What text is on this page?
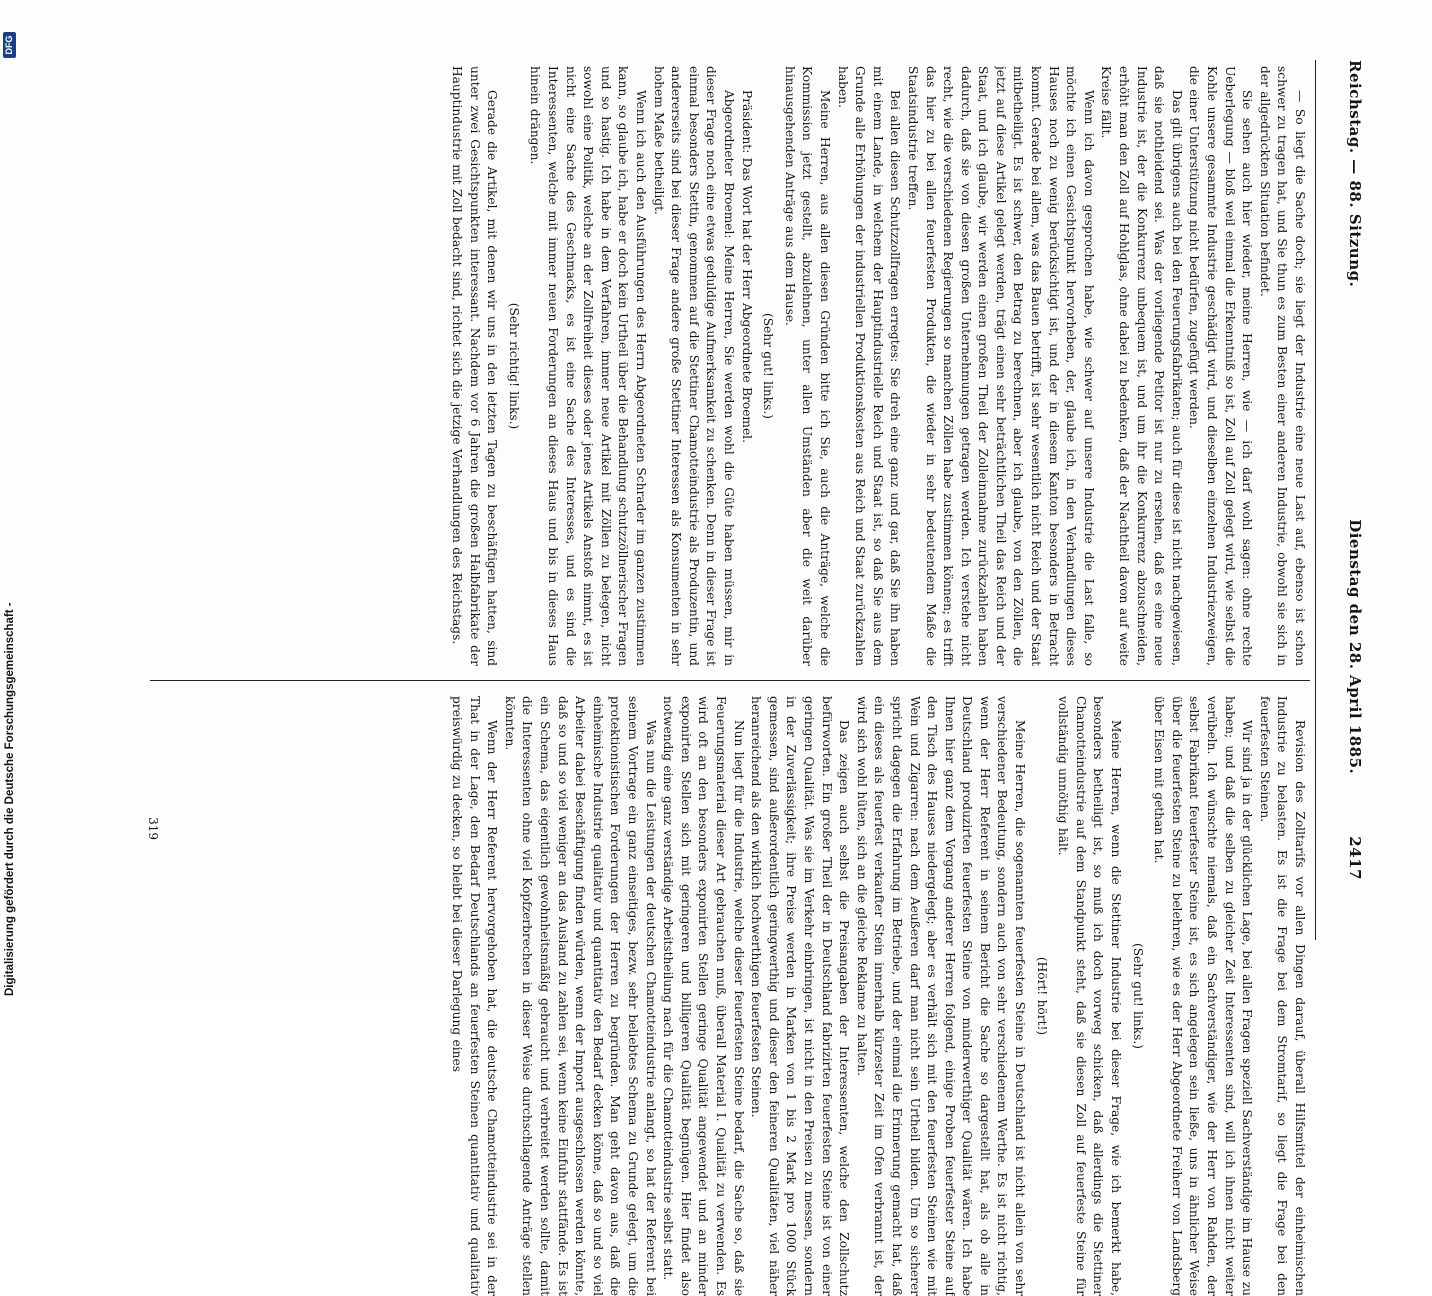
Reichstag. — 88. Sitzung.
Dienstag den 28. April 1885.
2417

— So liegt die Sache doch; sie liegt der Industrie eine neue Last auf, ebenso ist schon schwer zu tragen hat, und Sie thun es zum Besten einer anderen Industrie, obwohl sie sich in der allgedrückten Situation befindet.

Sie sehen auch hier wieder, meine Herren, wie — ich darf wohl sagen: ohne rechte Ueberlegung — bloß weil einmal die Erkenntniß so ist, Zoll auf Zoll gelegt wird, wie selbst die Kohle unsere gesammte Industrie geschädigt wird, und dieselben einzelnen Industriezweigen, die einer Unterstützung nicht bedürfen, zugefügt werden.

Das gilt übrigens auch bei den Feuerungsfabrikaten; auch für diese ist nicht nachgewiesen, daß sie nothleidend sei. Was der vorliegende Petitor ist nur zu ersehen, daß es eine neue Industrie ist, der die Konkurrenz unbequem ist, und um ihr die Konkurrenz abzuschneiden, erhöht man den Zoll auf Hohlglas, ohne dabei zu bedenken, daß der Nachtheil davon auf weite Kreise fällt.

Wenn ich davon gesprochen habe, wie schwer auf unsere Industrie die Last falle, so möchte ich einen Gesichtspunkt hervorheben, der, glaube ich, in den Verhandlungen dieses Hauses noch zu wenig berücksichtigt ist, und der in diesem Kanton besonders in Betracht kommt. Gerade bei allem, was das Bauen betrifft, ist sehr wesentlich nicht Reich und der Staat mitbetheiligt. Es ist schwer, den Betrag zu berechnen, aber ich glaube, von den Zöllen, die jetzt auf diese Artikel gelegt werden, trägt einen sehr beträchtlichen Theil das Reich und der Staat, und ich glaube, wir werden einen großen Theil der Zolleinnahme zurückzahlen haben dadurch, daß sie von diesen großen Unternehmungen getragen werden. Ich verstehe nicht recht, wie die verschiedenen Regierungen so manchen Zöllen habe zustimmen können; es trifft das hier zu bei allen feuerfesten Produkten, die wieder in sehr bedeutendem Maße die Staatsindustrie treffen.

Bei allen diesen Schutzzollfragen erregtes: Sie dreh eine ganz und gar, daß Sie ihn haben mit einem Lande, in welchem der Hauptindustrielle Reich und Staat ist, so daß Sie aus dem Grunde alle Erhöhungen der industriellen Produktionskosten aus Reich und Staat zurückzahlen haben.

Meine Herren, aus allen diesen Gründen bitte ich Sie, auch die Anträge, welche die Kommission jetzt gestellt, abzulehnen, unter allen Umständen aber die weit darüber hinausgehenden Anträge aus dem Hause.

(Sehr gut! links.)

Präsident: Das Wort hat der Herr Abgeordnete Broemel.

Abgeordneter Broemel: Meine Herren, Sie werden wohl die Güte haben müssen, mir in dieser Frage noch eine etwas geduldige Aufmerksamkeit zu schenken. Denn in dieser Frage ist einmal besonders Stettin, genommen auf die Stettiner Chamotteindustrie als Produzentin, und andererseits sind bei dieser Frage andere große Stettiner Interessen als Konsumenten in sehr hohem Maße betheiligt.

Wenn ich auch den Ausführungen des Herrn Abgeordneten Schrader im ganzen zustimmen kann, so glaube ich, habe er doch kein Urtheil über die Behandlung schutzzöllnerischer Fragen und so hastig. Ich habe in dem Verfahren, immer neue Artikel mit Zöllen zu belegen, nicht sowohl eine Politik, welche an der Zollfreiheit dieses oder jenes Artikels Anstoß nimmt, es ist nicht eine Sache des Geschmacks, es ist eine Sache des Interesses, und es sind die Interessenten, welche mit immer neuen Forderungen an dieses Haus und bis in dieses Haus hinein drängen.

(Sehr richtig! links.)

Gerade die Artikel, mit denen wir uns in den letzten Tagen zu beschäftigen hatten, sind unter zwei Gesichtspunkten interessant. Nachdem vor 6 Jahren die großen Halbfabrikate der Hauptindustrie mit Zoll bedacht sind, richtet sich die jetzige Verhandlungen des Reichstags.

Revision des Zolltarifs vor allen Dingen darauf, überall Hilfsmittel der einheimischen Industrie zu belasten. Es ist die Frage bei dem Stromtarif, so liegt die Frage bei den feuerfesten Steinen.

Wir sind ja in der glücklichen Lage, bei allen Fragen speziell Sachverständige im Hause zu haben; und daß die selben zu gleicher Zeit Interessenten sind, will ich ihnen nicht weiter verübeln. Ich wünschte niemals, daß ein Sachverständiger, wie der Herr von Rahden, der selbst Fabrikant feuerfester Steine ist, es sich angelegen sein ließe, uns in ähnlicher Weise über die feuerfesten Steine zu belehren, wie es der Herr Abgeordnete Freiherr von Landsberg über Eisen mit gethan hat.

(Sehr gut! links.)

Meine Herren, wenn die Stettiner Industrie bei dieser Frage, wie ich bemerkt habe, besonders betheiligt ist, so muß ich doch vorweg schicken, daß allerdings die Stettiner Chamotteindustrie auf dem Standpunkt steht, daß sie diesen Zoll auf feuerfeste Steine für vollständig unnöthig hält.

(Hört! hört!)

Meine Herren, die sogenannten feuerfesten Steine in Deutschland ist nicht allein von sehr verschiedener Bedeutung, sondern auch von sehr verschiedenem Werthe. Es ist nicht richtig, wenn der Herr Referent in seinem Bericht die Sache so dargestellt hat, als ob alle in Deutschland produzirten feuerfesten Steine von minderwerthiger Qualität wären. Ich habe Ihnen hier ganz dem Vorgang anderer Herren folgend, einige Proben feuerfester Steine auf den Tisch des Hauses niedergelegt; aber es verhält sich mit den feuerfesten Steinen wie mit Wein und Zigarren: nach dem Aeußeren darf man nicht sein Urtheil bilden. Um so sicherer spricht dagegen die Erfahrung im Betriebe, und der einmal die Erinnerung gemacht hat, daß ein dieses als feuerfest verkaufter Stein innerhalb kürzester Zeit im Ofen verbrannt ist, der wird sich wohl hüten, sich an die gleiche Reklame zu halten.

Das zeigen auch selbst die Preisangaben der Interessenten, welche den Zollschutz befürworten. Ein großer Theil der in Deutschland fabrizirten feuerfesten Steine ist von einer geringen Qualität. Was sie im Verkehr einbringen, ist nicht in den Preisen zu messen, sondern in der Zuverlässigkeit; ihre Preise werden in Marken von 1 bis 2 Mark pro 1000 Stück gemessen, sind außerordentlich geringwerthig und dieser den feineren Qualitäten, viel näher heranreichend als den wirklich hochwerthigen feuerfesten Steinen.

Nun liegt für die Industrie, welche dieser feuerfesten Steine bedarf, die Sache so, daß sie Feuerungsmaterial dieser Art gebrauchen muß, überall Material I. Qualität zu verwenden. Es wird oft an den besonders exponirten Stellen geringe Qualität angewendet und an minder exponirten Stellen sich mit geringeren und billigeren Qualität begnügen. Hier findet also notwendig eine ganz verständige Arbeitstheilung nach für die Chamotteindustrie selbst statt.

Was nun die Leistungen der deutschen Chamotteindustrie anlangt, so hat der Referent bei seinem Vortrage ein ganz einseitiges, bezw. sehr beliebtes Schema zu Grunde gelegt, um die protektionistischen Forderungen der Herren zu begründen. Man geht davon aus, daß die einheimische Industrie qualitativ und quantitativ den Bedarf decken könne, daß so und so viel Arbeiter dabei Beschäftigung finden würden, wenn der Import ausgeschlossen werden könnte, daß so und so viel weniger an das Ausland zu zahlen sei, wenn keine Einfuhr stattfände. Es ist ein Schema, das eigentlich gewohnheitsmäßig gebraucht und verbreitet werden sollte, damit die Interessenten ohne viel Kopfzerbrechen in dieser Weise durchschlagende Anträge stellen könnten.

Wenn der Herr Referent hervorgehoben hat, die deutsche Chamotteindustrie sei in der That in der Lage, den Bedarf Deutschlands an feuerfesten Steinen quantitativ und qualitativ preiswürdig zu decken, so bleibt bei dieser Darlegung eines

319
Digitalisierung gefördert durch die Deutsche Forschungsgemeinschaft -
DFG
